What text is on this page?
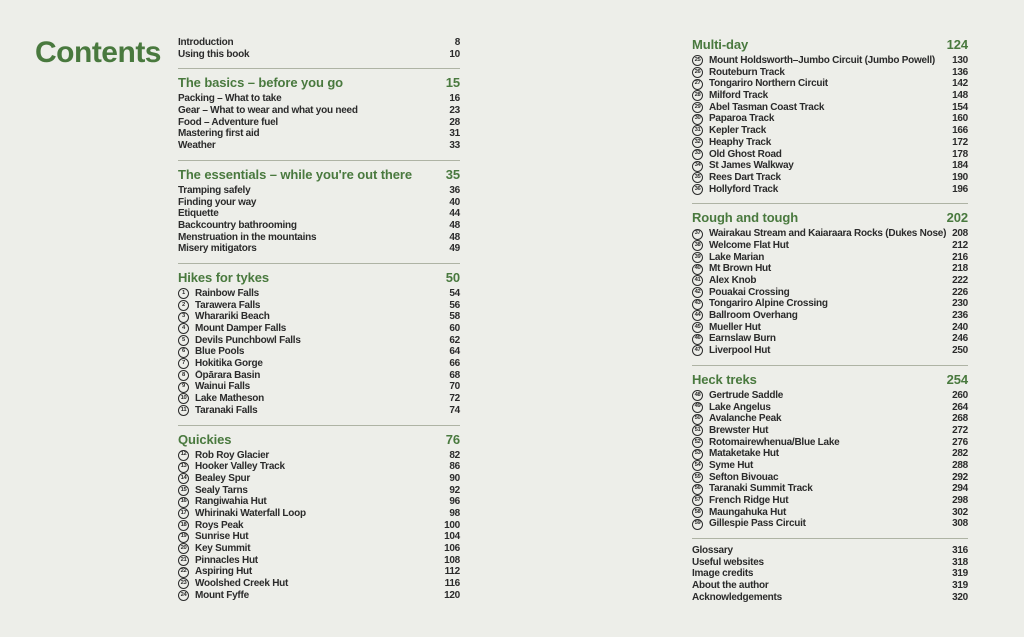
Contents Introduction	8
Using this book	10
The basics – before you go	15
Packing – What to take	16
Gear – What to wear and what you need	23
Food – Adventure fuel	28
Mastering first aid	31
Weather	33
The essentials – while you're out there	35
Tramping safely	36
Finding your way	40
Etiquette	44
Backcountry bathrooming	48
Menstruation in the mountains	48
Misery mitigators	49
Hikes for tykes	50
1	Rainbow Falls	54
2	Tarawera Falls	56
3	Wharariki Beach	58
4	Mount Damper Falls	60
5	Devils Punchbowl Falls	62
6	Blue Pools	64
7	Hokitika Gorge	66
8	Ōpārara Basin	68
9	Wainui Falls	70
10 Lake Matheson	72
11 Taranaki Falls	74
Quickies	76
12 Rob Roy Glacier	82
13 Hooker Valley Track	86
14 Bealey Spur	90
15 Sealy Tarns	92
16 Rangiwahia Hut	96
17 Whirinaki Waterfall Loop	98
18 Roys Peak	100
19 Sunrise Hut	104
20 Key Summit	106
21 Pinnacles Hut	108
22 Aspiring Hut	112
23 Woolshed Creek Hut	116
24 Mount Fyffe	120
Multi-day	124
25 Mount Holdsworth–Jumbo Circuit (Jumbo Powell)	130
26 Routeburn Track	136
27 Tongariro Northern Circuit	142
28 Milford Track	148
29 Abel Tasman Coast Track	154
30 Paparoa Track	160
31 Kepler Track	166
32 Heaphy Track	172
33 Old Ghost Road	178
34 St James Walkway	184
35 Rees Dart Track	190
36 Hollyford Track	196
Rough and tough	202
37 Wairakau Stream and Kaiaraara Rocks (Dukes Nose) 208
38 Welcome Flat Hut	212
39 Lake Marian	216
40 Mt Brown Hut	218
41 Alex Knob	222
42 Pouakai Crossing	226
43 Tongariro Alpine Crossing	230
44 Ballroom Overhang	236
45 Mueller Hut	240
46 Earnslaw Burn	246
47 Liverpool Hut	250
Heck treks	254
48 Gertrude Saddle	260
49 Lake Angelus	264
50 Avalanche Peak	268
51 Brewster Hut	272
52 Rotomairewhenua/Blue Lake	276
53 Mataketake Hut	282
54 Syme Hut	288
55 Sefton Bivouac	292
56 Taranaki Summit Track	294
57 French Ridge Hut	298
58 Maungahuka Hut	302
59 Gillespie Pass Circuit	308
Glossary	316
Useful websites	318
Image credits	319
About the author	319
Acknowledgements	320
